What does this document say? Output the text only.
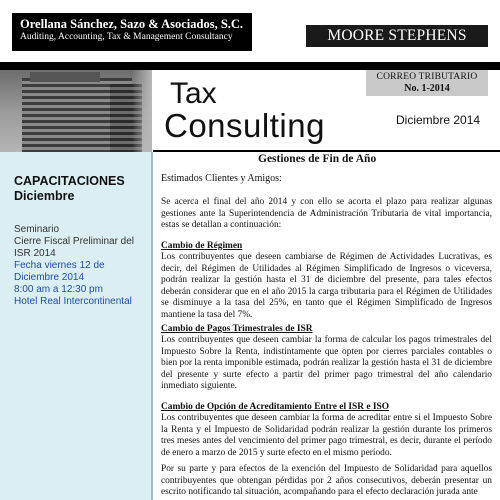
Orellana Sánchez, Sazo & Asociados, S.C.
Auditing, Accounting, Tax & Management Consultancy	MOORE STEPHENS
Tax
Consulting
CORREO TRIBUTARIO
No. 1-2014
Diciembre 2014
CAPACITACIONES
Diciembre
Seminario
Cierre Fiscal Preliminar del ISR 2014
Fecha viernes 12 de Diciembre 2014
8:00 am a 12:30 pm
Hotel Real Intercontinental
Gestiones de Fin de Año
Estimados Clientes y Amigos:
Se acerca el final del año 2014 y con ello se acorta el plazo para realizar algunas gestiones ante la Superintendencia de Administración Tributaria de vital importancia, estas se detallan a continuación:
Cambio de Régimen
Los contribuyentes que deseen cambiarse de Régimen de Actividades Lucrativas, es decir, del Régimen de Utilidades al Régimen Simplificado de Ingresos o viceversa, podrán realizar la gestión hasta el 31 de diciembre del presente, para tales efectos deberán considerar que en el año 2015 la carga tributaria para el Régimen de Utilidades se disminuye a la tasa del 25%, en tanto que el Régimen Simplificado de Ingresos mantiene la tasa del 7%.
Cambio de Pagos Trimestrales de ISR
Los contribuyentes que deseen cambiar la forma de calcular los pagos trimestrales del Impuesto Sobre la Renta, indistintamente que opten por cierres parciales contables o bien por la renta imponible estimada, podrán realizar la gestión hasta el 31 de diciembre del presente y surte efecto a partir del primer pago trimestral del año calendario inmediato siguiente.
Cambio de Opción de Acreditamiento Entre el ISR e ISO
Los contribuyentes que deseen cambiar la forma de acreditar entre si el Impuesto Sobre la Renta y el Impuesto de Solidaridad podrán realizar la gestión durante los primeros tres meses antes del vencimiento del primer pago trimestral, es decir, durante el período de enero a marzo de 2015 y surte efecto en el mismo período.
Por su parte y para efectos de la exención del Impuesto de Solidaridad para aquellos contribuyentes que obtengan pérdidas por 2 años consecutivos, deberán presentar un escrito notificando tal situación, acompañando para el efecto declaración jurada ante
